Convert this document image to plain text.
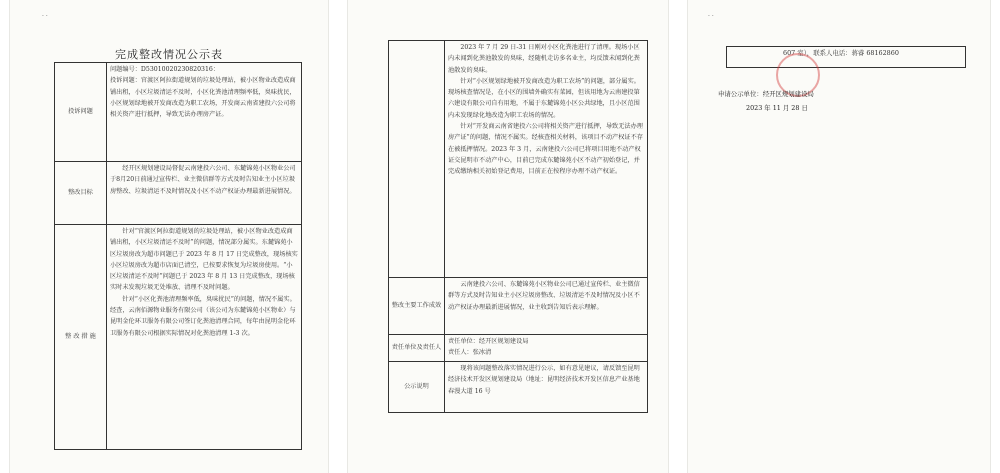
· ·
完成整改情况公示表
投诉问题	问题编号：D53010020230820316：
投诉问题：官渡区阿拉街道规划的垃圾处理站，被小区物业改造成商铺出租，小区垃圾清运不及时，小区化粪池清理频率低，臭味扰民，小区规划绿地被开发商改造为职工农场，开发商云南省建投六公司将相关资产进行抵押，导致无法办理房产证。

整改目标	经开区规划建设局督促云南建投六公司、东麓锦苑小区物业公司于8月20日前通过宣传栏、业主微信群等方式及时告知业主小区垃圾房整改、垃圾清运不及时情况及小区不动产权证办理最新进展情况。

整 改 措 施	针对“官渡区阿拉街道规划的垃圾处理站，被小区物业改造成商铺出租，小区垃圾清运不及时”的问题，情况部分属实。东麓锦苑小区垃圾房改为超市问题已于 2023 年 8 月 17 日完成整改，现场核实小区垃圾房改为超市店面已清空，已按要求恢复为垃圾房使用。“小区垃圾清运不及时”问题已于 2023 年 8 月 13 日完成整改，现场核实时未发现垃圾无处堆放、清理不及时问题。
针对“小区化粪池清理频率低，臭味扰民”的问题，情况不属实。经查，云南佰源物业服务有限公司（该公司为东麓锦苑小区物业）与昆明金伦环卫服务有限公司签订化粪池清理合同，每年由昆明金伦环卫服务有限公司根据实际情况对化粪池清理 1-3 次。

	2023 年 7 月 29 日-31 日刚对小区化粪池进行了清理。现场小区内未闻到化粪池散发的臭味，经随机走访多名业主，均反馈未闻到化粪池散发的臭味。
针对“小区规划绿地被开发商改造为职工农场”的问题，部分属实。现场核查情况是，在小区的围墙外确实有菜园，但该用地为云南建投第六建设有限公司自有用地，不属于东麓锦苑小区公共绿地，且小区范围内未发现绿化地改造为职工农场的情况。
针对“开发商云南省建投六公司将相关资产进行抵押，导致无法办理房产证”的问题，情况不属实。经核查相关材料，该项目不动产权证不存在被抵押情况。2023 年 3 月，云南建投六公司已将项目用地不动产权证交昆明市不动产中心，目前已完成东麓锦苑小区不动产初始登记，并完成缴纳相关初始登记费用，目前正在按程序办理不动产权证。

整改主要工作成效	云南建投六公司、东麓锦苑小区物业公司已通过宣传栏、业主微信群等方式及时告知业主小区垃圾房整改、垃圾清运不及时情况及小区不动产权证办理最新进展情况，业主收到告知后表示理解。

责任单位及责任人	责任单位：经开区规划建设局
责任人：张冰清

公示说明	现将该问题整改落实情况进行公示，如有意见建议，请反馈至昆明经济技术开发区规划建设局（地址：昆明经济技术开发区信息产业基地春漫大道 16 号
607 室），联系人电话：蒋睿 68162860
申请公示单位：经开区规划建设局
2023 年 11 月 28 日
· ·
